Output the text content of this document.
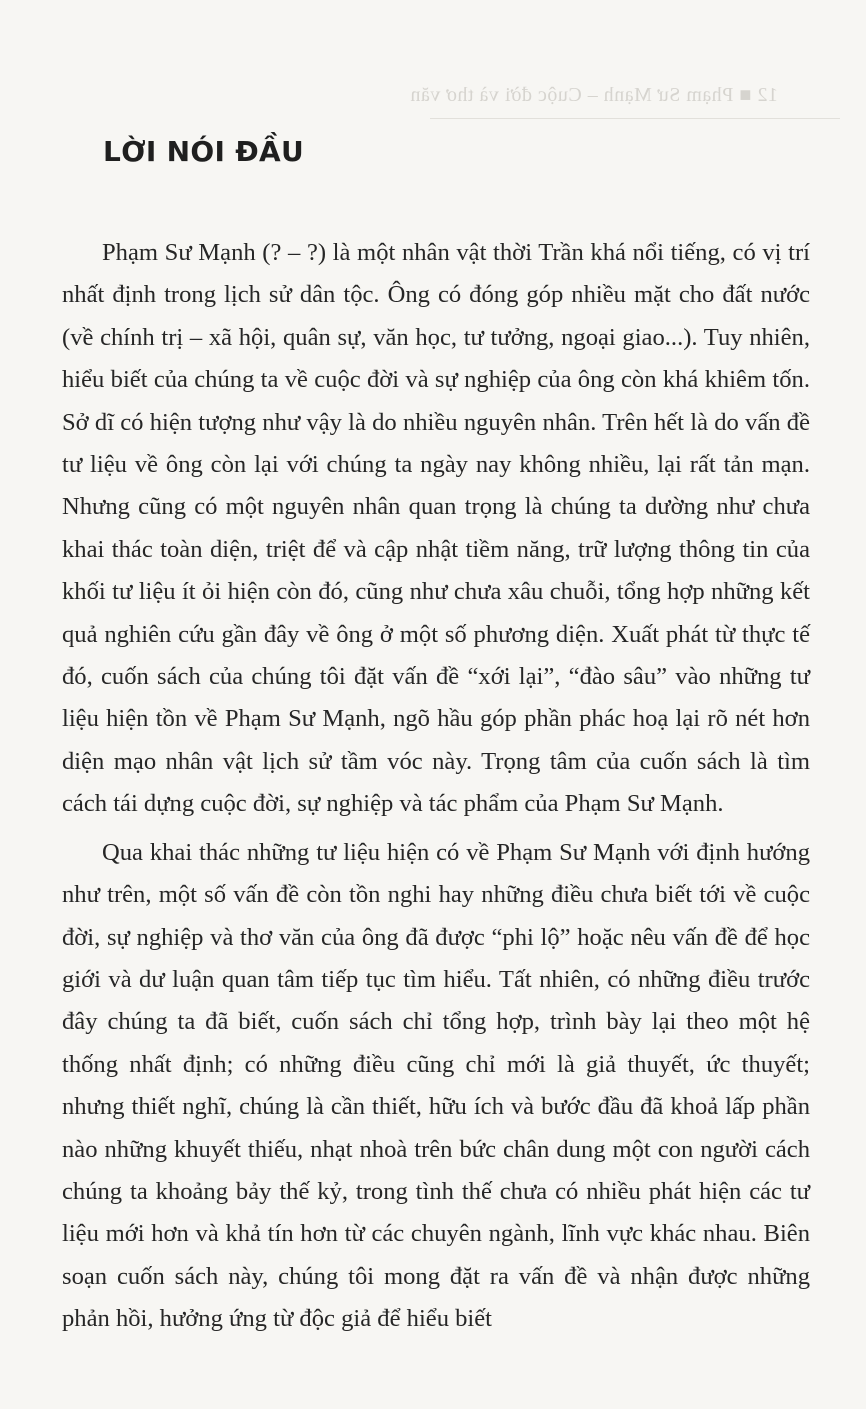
12 ■ Phạm Sư Mạnh – Cuộc đời và thơ văn
LỜI NÓI ĐẦU

Phạm Sư Mạnh (? – ?) là một nhân vật thời Trần khá nổi tiếng, có vị trí nhất định trong lịch sử dân tộc. Ông có đóng góp nhiều mặt cho đất nước (về chính trị – xã hội, quân sự, văn học, tư tưởng, ngoại giao...). Tuy nhiên, hiểu biết của chúng ta về cuộc đời và sự nghiệp của ông còn khá khiêm tốn. Sở dĩ có hiện tượng như vậy là do nhiều nguyên nhân. Trên hết là do vấn đề tư liệu về ông còn lại với chúng ta ngày nay không nhiều, lại rất tản mạn. Nhưng cũng có một nguyên nhân quan trọng là chúng ta dường như chưa khai thác toàn diện, triệt để và cập nhật tiềm năng, trữ lượng thông tin của khối tư liệu ít ỏi hiện còn đó, cũng như chưa xâu chuỗi, tổng hợp những kết quả nghiên cứu gần đây về ông ở một số phương diện. Xuất phát từ thực tế đó, cuốn sách của chúng tôi đặt vấn đề “xới lại”, “đào sâu” vào những tư liệu hiện tồn về Phạm Sư Mạnh, ngõ hầu góp phần phác hoạ lại rõ nét hơn diện mạo nhân vật lịch sử tầm vóc này. Trọng tâm của cuốn sách là tìm cách tái dựng cuộc đời, sự nghiệp và tác phẩm của Phạm Sư Mạnh.

Qua khai thác những tư liệu hiện có về Phạm Sư Mạnh với định hướng như trên, một số vấn đề còn tồn nghi hay những điều chưa biết tới về cuộc đời, sự nghiệp và thơ văn của ông đã được “phi lộ” hoặc nêu vấn đề để học giới và dư luận quan tâm tiếp tục tìm hiểu. Tất nhiên, có những điều trước đây chúng ta đã biết, cuốn sách chỉ tổng hợp, trình bày lại theo một hệ thống nhất định; có những điều cũng chỉ mới là giả thuyết, ức thuyết; nhưng thiết nghĩ, chúng là cần thiết, hữu ích và bước đầu đã khoả lấp phần nào những khuyết thiếu, nhạt nhoà trên bức chân dung một con người cách chúng ta khoảng bảy thế kỷ, trong tình thế chưa có nhiều phát hiện các tư liệu mới hơn và khả tín hơn từ các chuyên ngành, lĩnh vực khác nhau. Biên soạn cuốn sách này, chúng tôi mong đặt ra vấn đề và nhận được những phản hồi, hưởng ứng từ độc giả để hiểu biết
